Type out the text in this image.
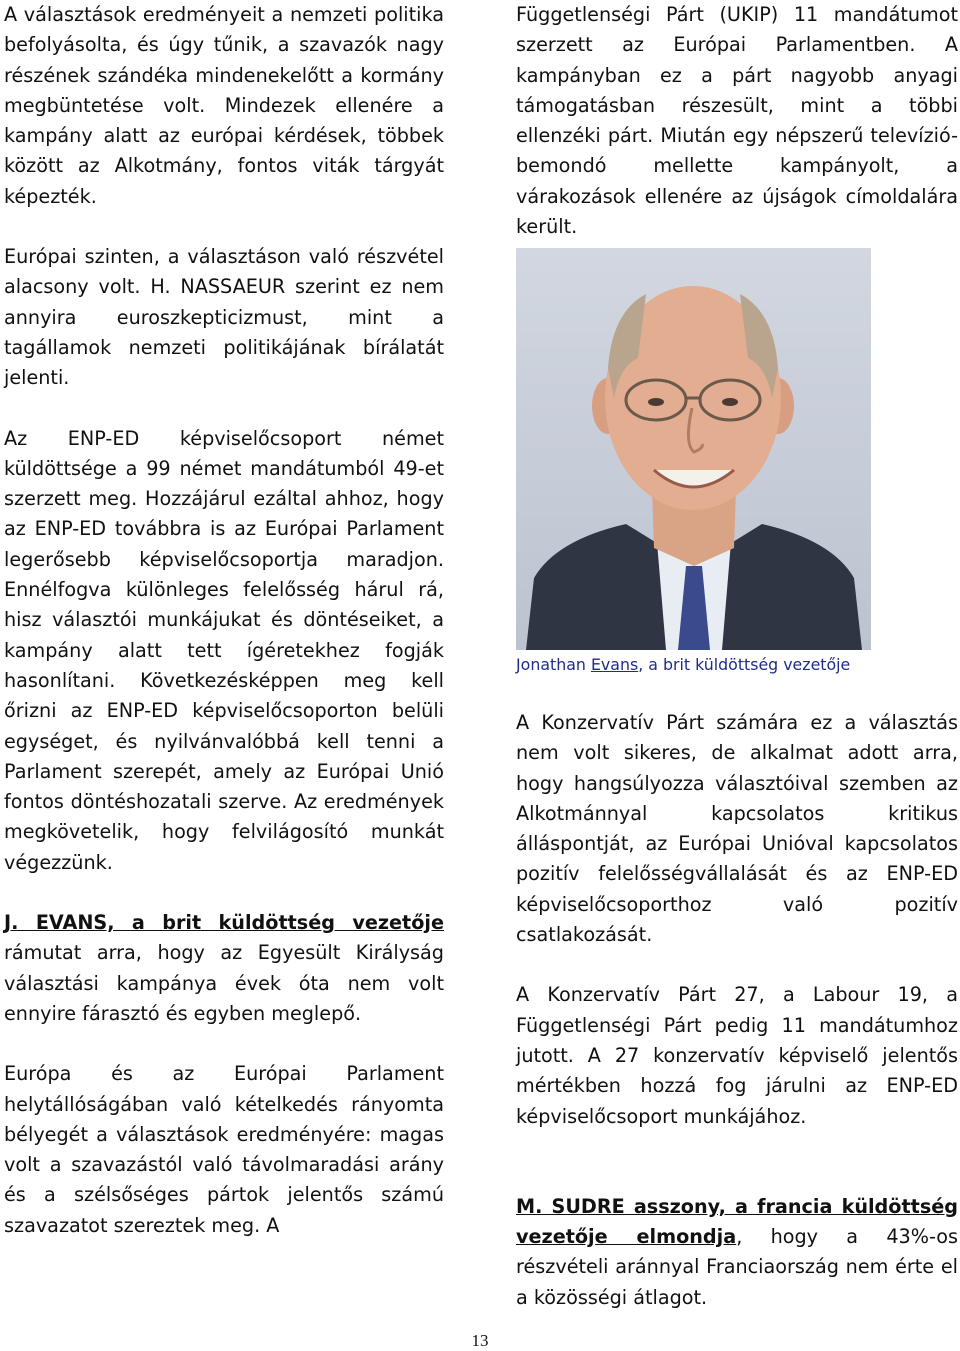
A választások eredményeit a nemzeti politika befolyásolta, és úgy tűnik, a szavazók nagy részének szándéka mindenekelőtt a kormány megbüntetése volt. Mindezek ellenére a kampány alatt az európai kérdések, többek között az Alkotmány, fontos viták tárgyát képezték.

Európai szinten, a választáson való részvétel alacsony volt. H. NASSAEUR szerint ez nem annyira euroszkepticizmust, mint a tagállamok nemzeti politikájának bírálatát jelenti.

Az ENP-ED képviselőcsoport német küldöttsége a 99 német mandátumból 49-et szerzett meg. Hozzájárul ezáltal ahhoz, hogy az ENP-ED továbbra is az Európai Parlament legerősebb képviselőcsoportja maradjon. Ennélfogva különleges felelősség hárul rá, hisz választói munkájukat és döntéseiket, a kampány alatt tett ígéretekhez fogják hasonlítani. Következésképpen meg kell őrizni az ENP-ED képviselőcsoporton belüli egységet, és nyilvánvalóbbá kell tenni a Parlament szerepét, amely az Európai Unió fontos döntéshozatali szerve. Az eredmények megkövetelik, hogy felvilágosító munkát végezzünk.

J. EVANS, a brit küldöttség vezetője rámutat arra, hogy az Egyesült Királyság választási kampánya évek óta nem volt ennyire fárasztó és egyben meglepő.

Európa és az Európai Parlament helytállóságában való kételkedés rányomta bélyegét a választások eredményére: magas volt a szavazástól való távolmaradási arány és a szélsőséges pártok jelentős számú szavazatot szereztek meg. A

Függetlenségi Párt (UKIP) 11 mandátumot szerzett az Európai Parlamentben. A kampányban ez a párt nagyobb anyagi támogatásban részesült, mint a többi ellenzéki párt. Miután egy népszerű televízió-bemondó mellette kampányolt, a várakozások ellenére az újságok címoldalára került.

Jonathan Evans, a brit küldöttség vezetője

A Konzervatív Párt számára ez a választás nem volt sikeres, de alkalmat adott arra, hogy hangsúlyozza választóival szemben az Alkotmánnyal kapcsolatos kritikus álláspontját, az Európai Unióval kapcsolatos pozitív felelősségvállalását és az ENP-ED képviselőcsoporthoz való pozitív csatlakozását.

A Konzervatív Párt 27, a Labour 19, a Függetlenségi Párt pedig 11 mandátumhoz jutott. A 27 konzervatív képviselő jelentős mértékben hozzá fog járulni az ENP-ED képviselőcsoport munkájához.

M. SUDRE asszony, a francia küldöttség vezetője elmondja, hogy a 43%-os részvételi aránnyal Franciaország nem érte el a közösségi átlagot.

13
